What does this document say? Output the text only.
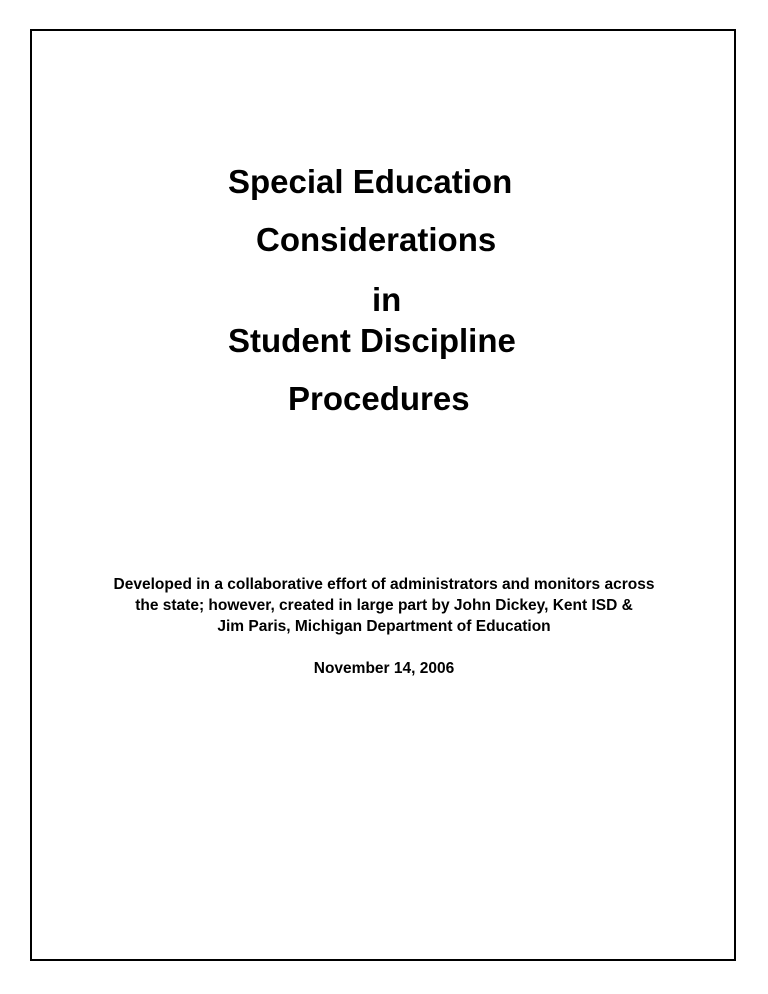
Special Education
Considerations
in
Student Discipline
Procedures
Developed in a collaborative effort of administrators and monitors across
the state; however, created in large part by John Dickey, Kent ISD &
Jim Paris, Michigan Department of Education
November 14, 2006
